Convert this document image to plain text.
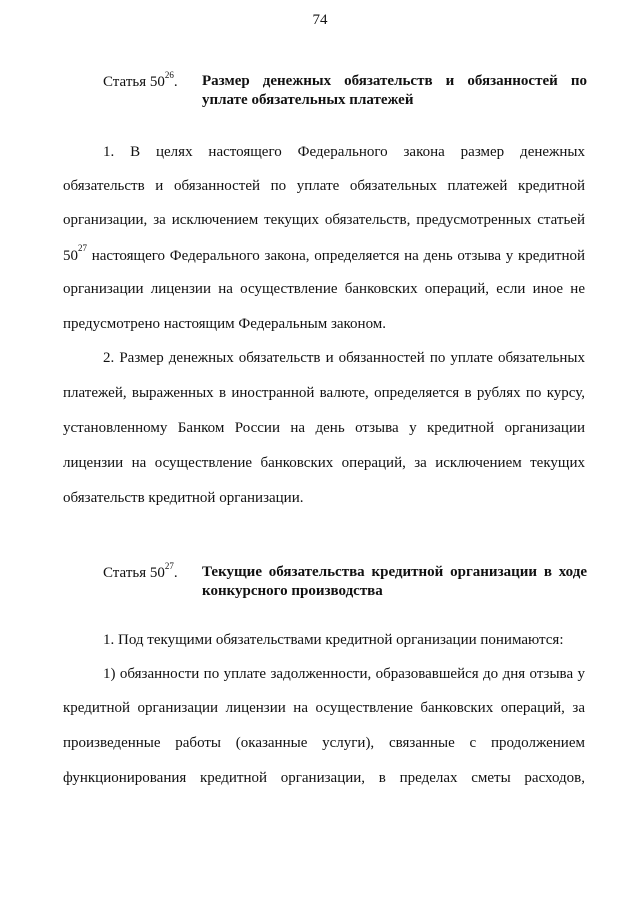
74
Статья $50^{26}$. Размер денежных обязательств и обязанностей по
уплате обязательных платежей
1. В целях настоящего Федерального закона размер денежных
обязательств и обязанностей по уплате обязательных платежей кредитной
организации, за исключением текущих обязательств, предусмотренных статьей
$50^{27}$ настоящего Федерального закона, определяется на день отзыва у кредитной
организации лицензии на осуществление банковских операций, если иное не
предусмотрено настоящим Федеральным законом.
2. Размер денежных обязательств и обязанностей по уплате обязательных
платежей, выраженных в иностранной валюте, определяется в рублях по курсу,
установленному Банком России на день отзыва у кредитной организации
лицензии на осуществление банковских операций, за исключением текущих
обязательств кредитной организации.
Статья $50^{27}$. Текущие обязательства кредитной организации в ходе
конкурсного производства
1. Под текущими обязательствами кредитной организации понимаются:
1) обязанности по уплате задолженности, образовавшейся до дня отзыва у
кредитной организации лицензии на осуществление банковских операций, за
произведенные работы (оказанные услуги), связанные с продолжением
функционирования кредитной организации, в пределах сметы расходов,
